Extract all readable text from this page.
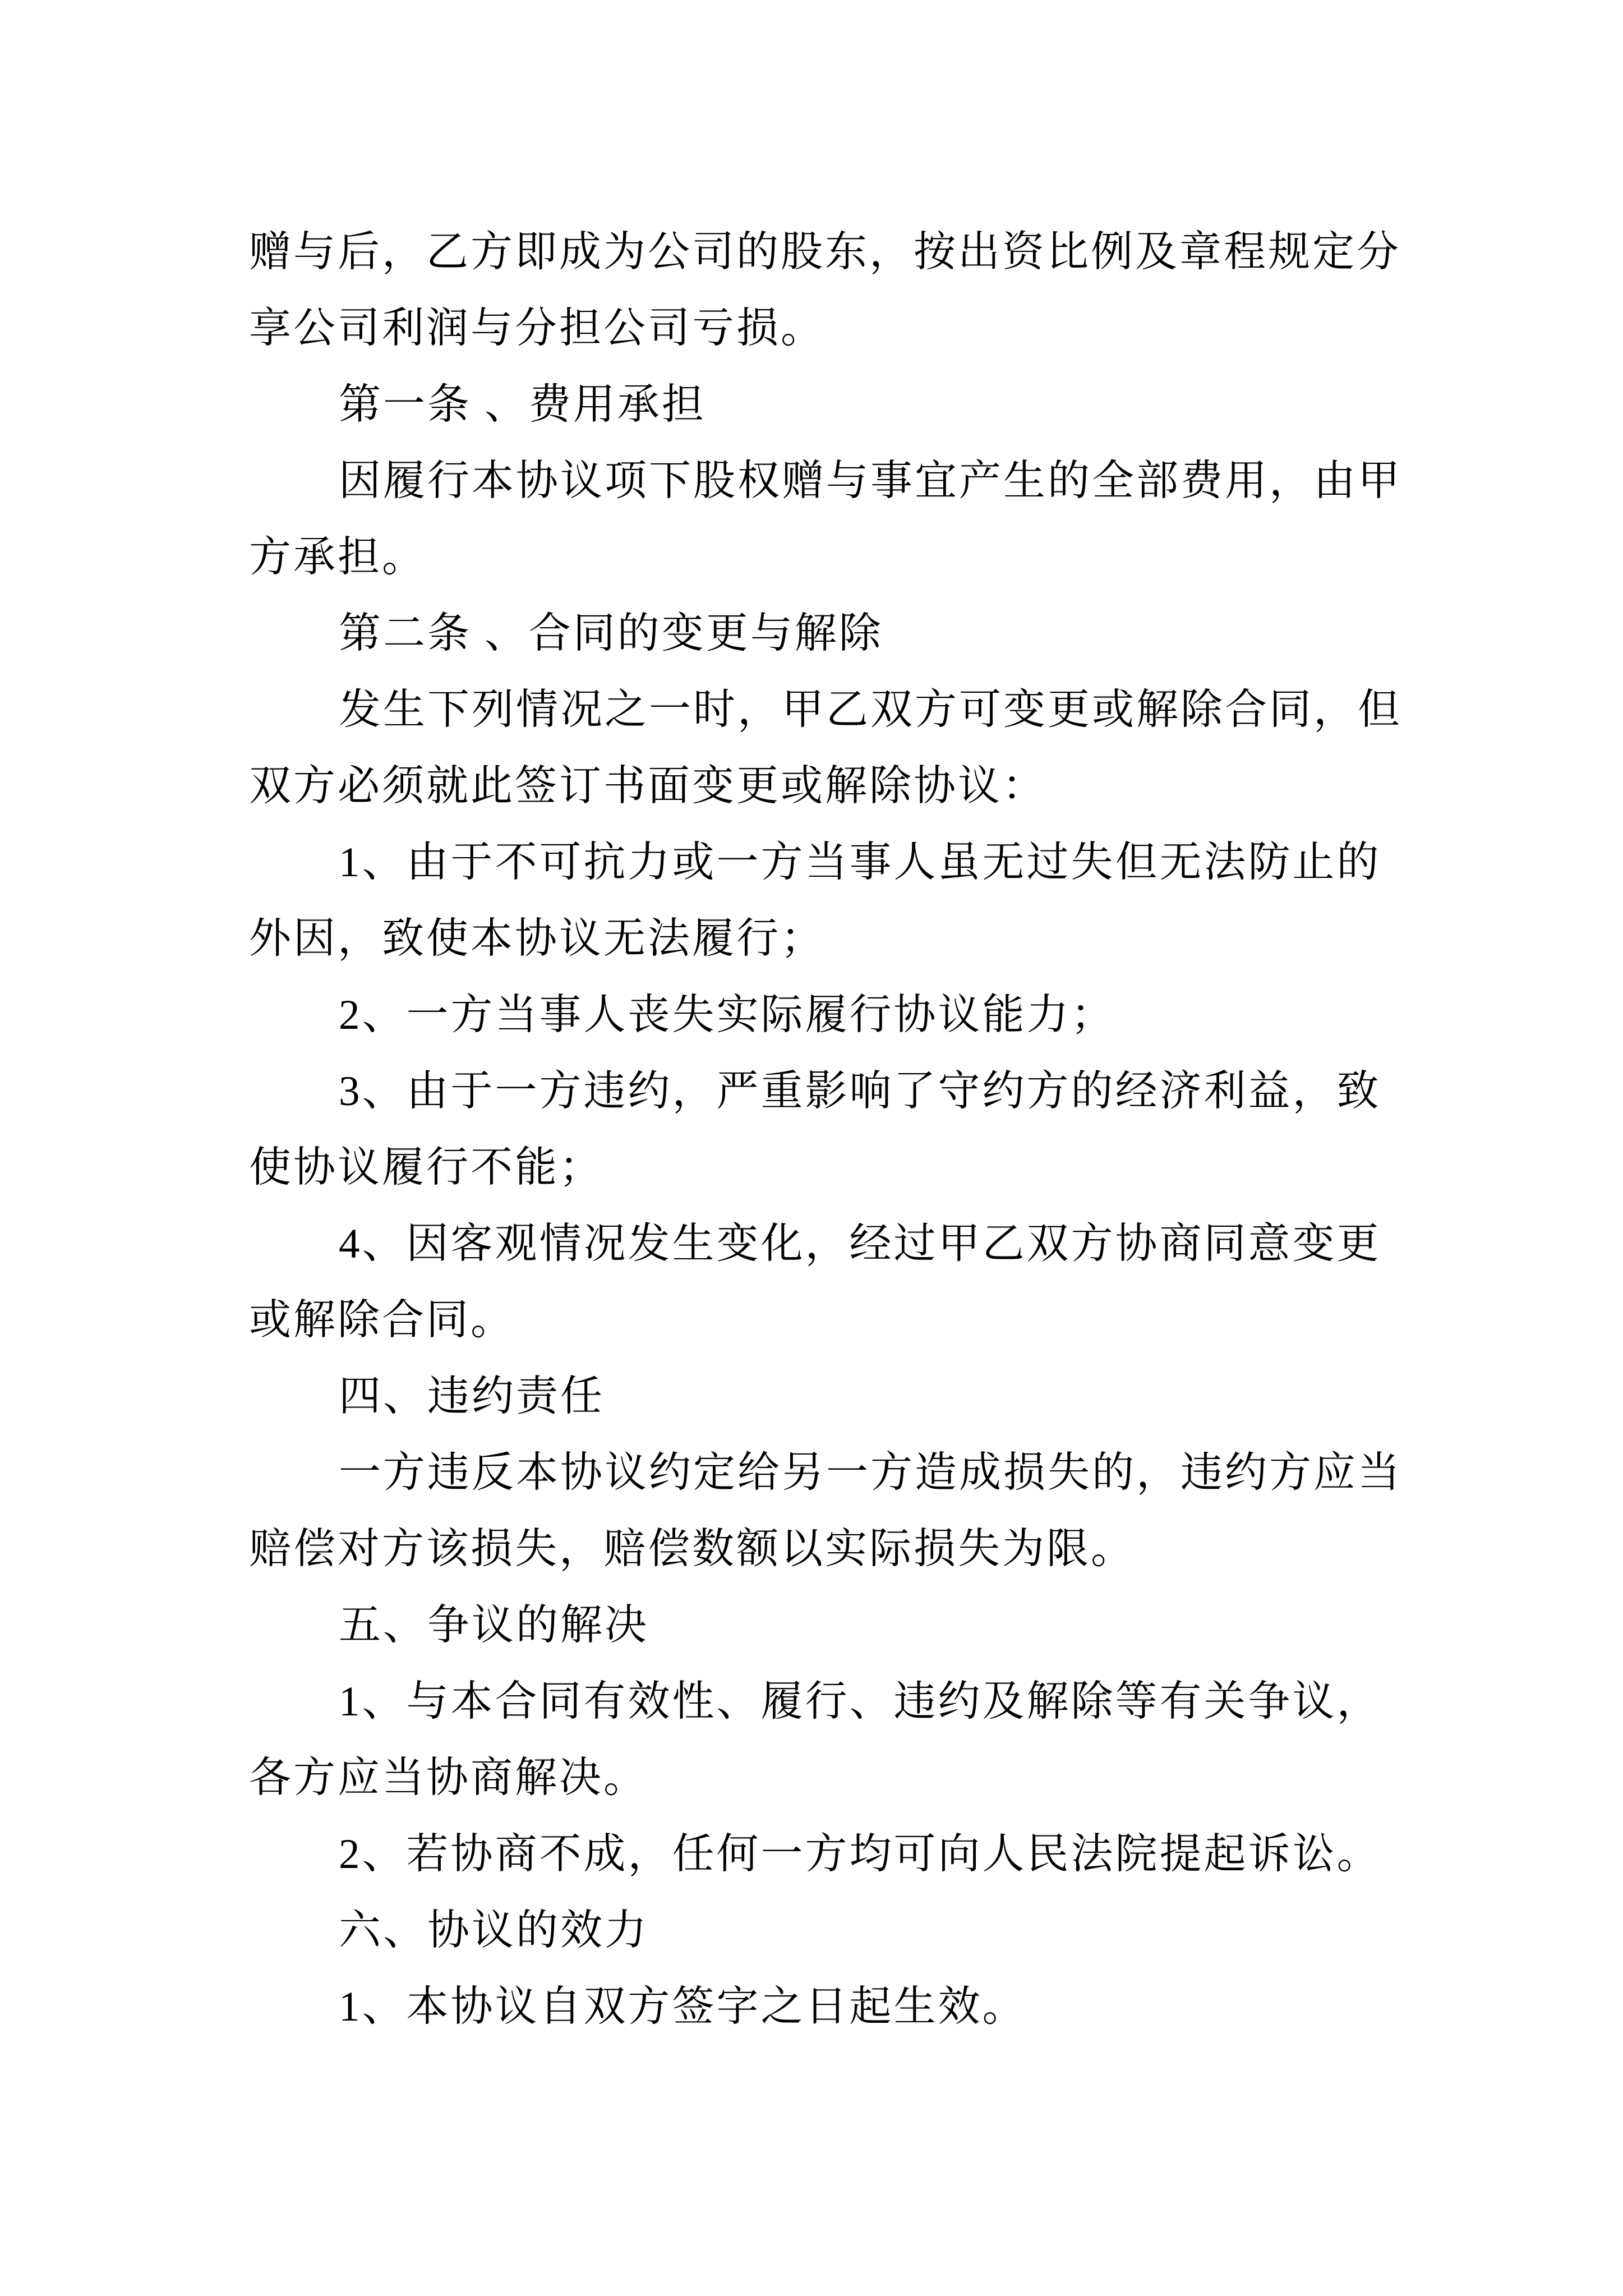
赠与后，乙方即成为公司的股东，按出资比例及章程规定分
享公司利润与分担公司亏损。
第一条 、费用承担
因履行本协议项下股权赠与事宜产生的全部费用，由甲
方承担。
第二条 、合同的变更与解除
发生下列情况之一时，甲乙双方可变更或解除合同，但
双方必须就此签订书面变更或解除协议：
1、由于不可抗力或一方当事人虽无过失但无法防止的
外因，致使本协议无法履行；
2、一方当事人丧失实际履行协议能力；
3、由于一方违约，严重影响了守约方的经济利益，致
使协议履行不能；
4、因客观情况发生变化，经过甲乙双方协商同意变更
或解除合同。
四、违约责任
一方违反本协议约定给另一方造成损失的，违约方应当
赔偿对方该损失，赔偿数额以实际损失为限。
五、争议的解决
1、与本合同有效性、履行、违约及解除等有关争议，
各方应当协商解决。
2、若协商不成，任何一方均可向人民法院提起诉讼。
六、协议的效力
1、本协议自双方签字之日起生效。
